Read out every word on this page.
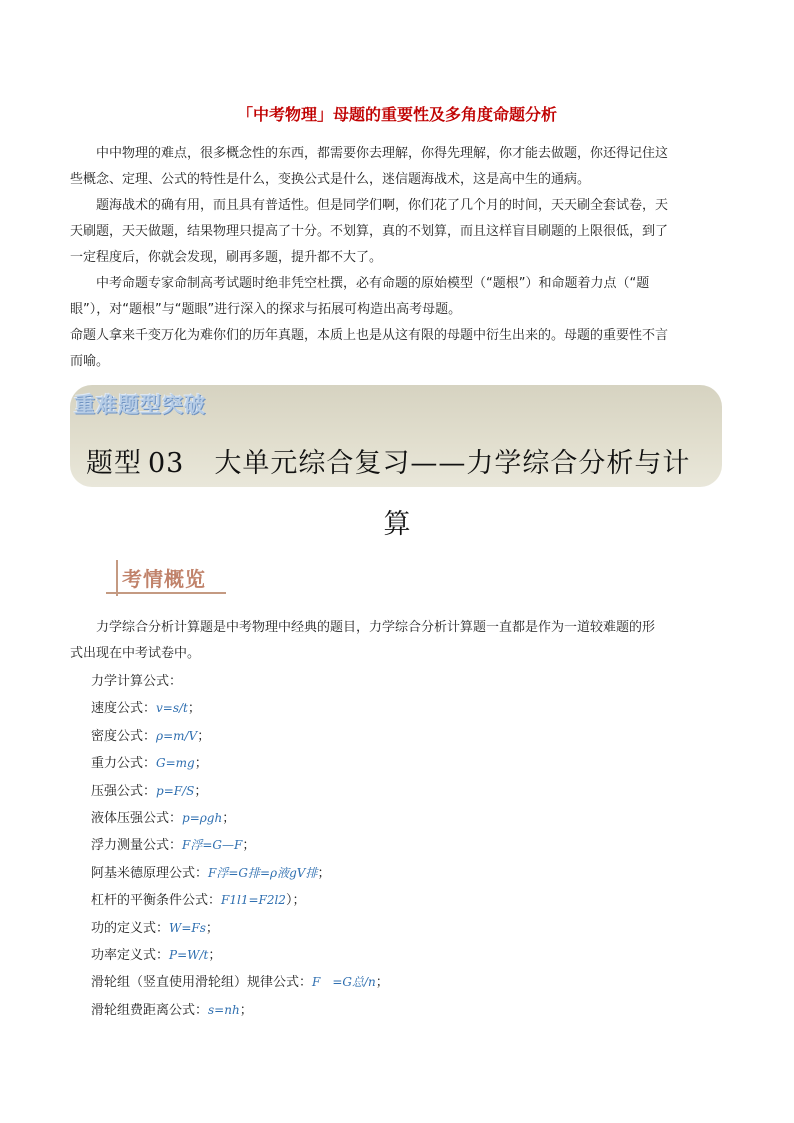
「中考物理」母题的重要性及多角度命题分析

中中物理的难点，很多概念性的东西，都需要你去理解，你得先理解，你才能去做题，你还得记住这
些概念、定理、公式的特性是什么，变换公式是什么，迷信题海战术，这是高中生的通病。

题海战术的确有用，而且具有普适性。但是同学们啊，你们花了几个月的时间，天天刷全套试卷，天
天刷题，天天做题，结果物理只提高了十分。不划算，真的不划算，而且这样盲目刷题的上限很低，到了
一定程度后，你就会发现，刷再多题，提升都不大了。

中考命题专家命制高考试题时绝非凭空杜撰，必有命题的原始模型（“题根”）和命题着力点（“题
眼”），对“题根”与“题眼”进行深入的探求与拓展可构造出高考母题。

命题人拿来千变万化为难你们的历年真题，本质上也是从这有限的母题中衍生出来的。母题的重要性不言
而喻。

重难题型突破
题型 03 大单元综合复习——力学综合分析与计
算
考情概览

力学综合分析计算题是中考物理中经典的题目，力学综合分析计算题一直都是作为一道较难题的形
式出现在中考试卷中。

力学计算公式：
速度公式：v=s/t；
密度公式：ρ=m/V；
重力公式：G=mg；
压强公式：p=F/S；
液体压强公式：p=ρgh；
浮力测量公式：F浮=G—F；
阿基米德原理公式：F浮=G排=ρ液gV排；
杠杆的平衡条件公式：F1l1=F2l2）；
功的定义式：W=Fs；
功率定义式：P=W/t；
滑轮组（竖直使用滑轮组）规律公式：F　=G总/n；
滑轮组费距离公式：s=nh；
